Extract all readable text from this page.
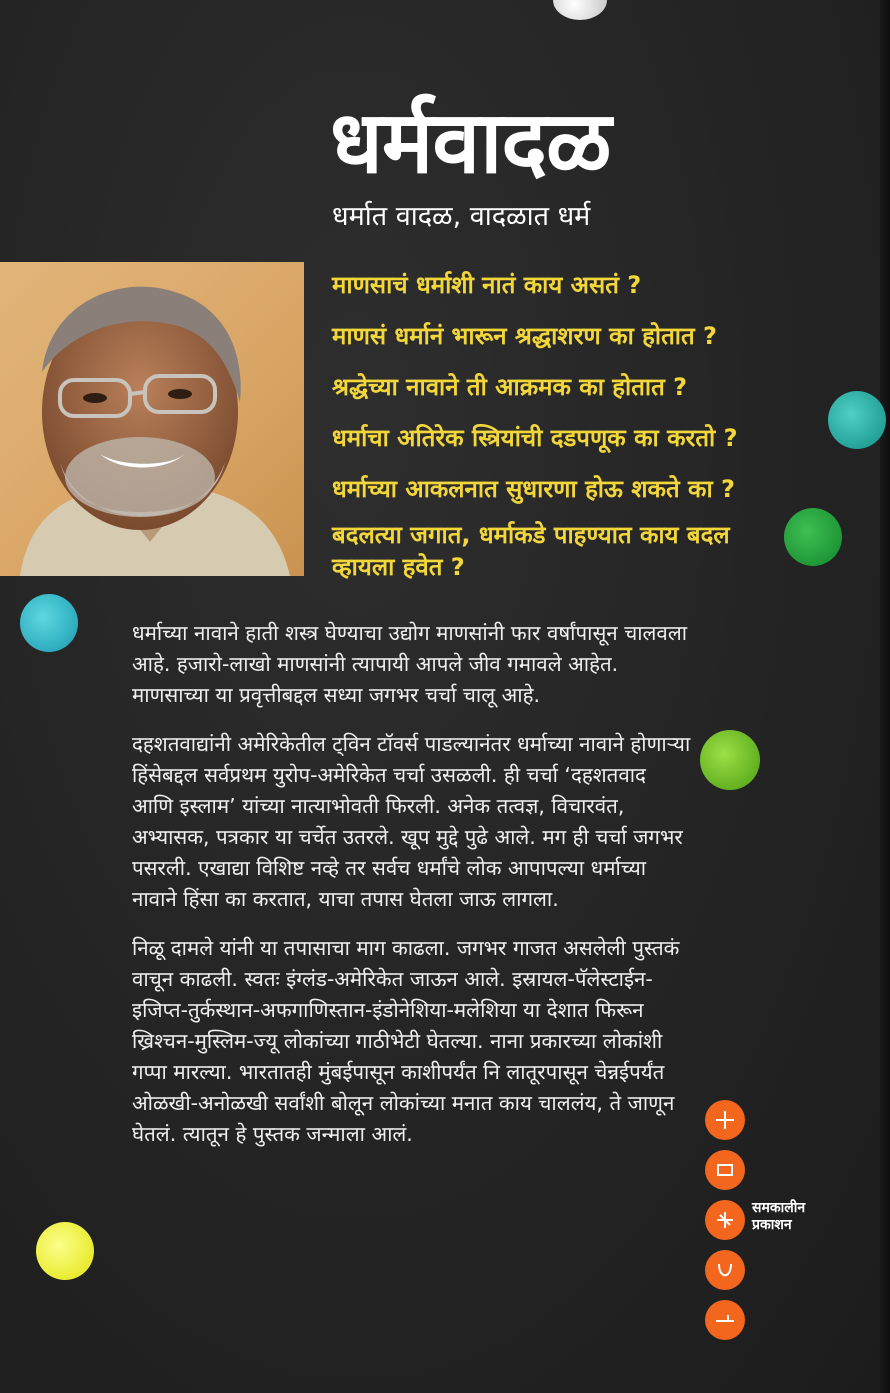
धर्मवादळ
धर्मात वादळ, वादळात धर्म
माणसाचं धर्माशी नातं काय असतं ?
माणसं धर्मानं भारून श्रद्धाशरण का होतात ?
श्रद्धेच्या नावाने ती आक्रमक का होतात ?
धर्माचा अतिरेक स्त्रियांची दडपणूक का करतो ?
धर्माच्या आकलनात सुधारणा होऊ शकते का ?
बदलत्या जगात, धर्माकडे पाहण्यात काय बदल व्हायला हवेत ?

धर्माच्या नावाने हाती शस्त्र घेण्याचा उद्योग माणसांनी फार वर्षांपासून चालवला आहे. हजारो-लाखो माणसांनी त्यापायी आपले जीव गमावले आहेत. माणसाच्या या प्रवृत्तीबद्दल सध्या जगभर चर्चा चालू आहे.

दहशतवाद्यांनी अमेरिकेतील ट्विन टॉवर्स पाडल्यानंतर धर्माच्या नावाने होणाऱ्या हिंसेबद्दल सर्वप्रथम युरोप-अमेरिकेत चर्चा उसळली. ही चर्चा ‘दहशतवाद आणि इस्लाम’ यांच्या नात्याभोवती फिरली. अनेक तत्वज्ञ, विचारवंत, अभ्यासक, पत्रकार या चर्चेत उतरले. खूप मुद्दे पुढे आले. मग ही चर्चा जगभर पसरली. एखाद्या विशिष्ट नव्हे तर सर्वच धर्मांचे लोक आपापल्या धर्माच्या नावाने हिंसा का करतात, याचा तपास घेतला जाऊ लागला.

निळू दामले यांनी या तपासाचा माग काढला. जगभर गाजत असलेली पुस्तकं वाचून काढली. स्वतः इंग्लंड-अमेरिकेत जाऊन आले. इस्रायल-पॅलेस्टाईन-इजिप्त-तुर्कस्थान-अफगाणिस्तान-इंडोनेशिया-मलेशिया या देशात फिरून ख्रिश्चन-मुस्लिम-ज्यू लोकांच्या गाठीभेटी घेतल्या. नाना प्रकारच्या लोकांशी गप्पा मारल्या. भारतातही मुंबईपासून काशीपर्यंत नि लातूरपासून चेन्नईपर्यंत ओळखी-अनोळखी सर्वांशी बोलून लोकांच्या मनात काय चाललंय, ते जाणून घेतलं. त्यातून हे पुस्तक जन्माला आलं.

समकालीन
प्रकाशन
